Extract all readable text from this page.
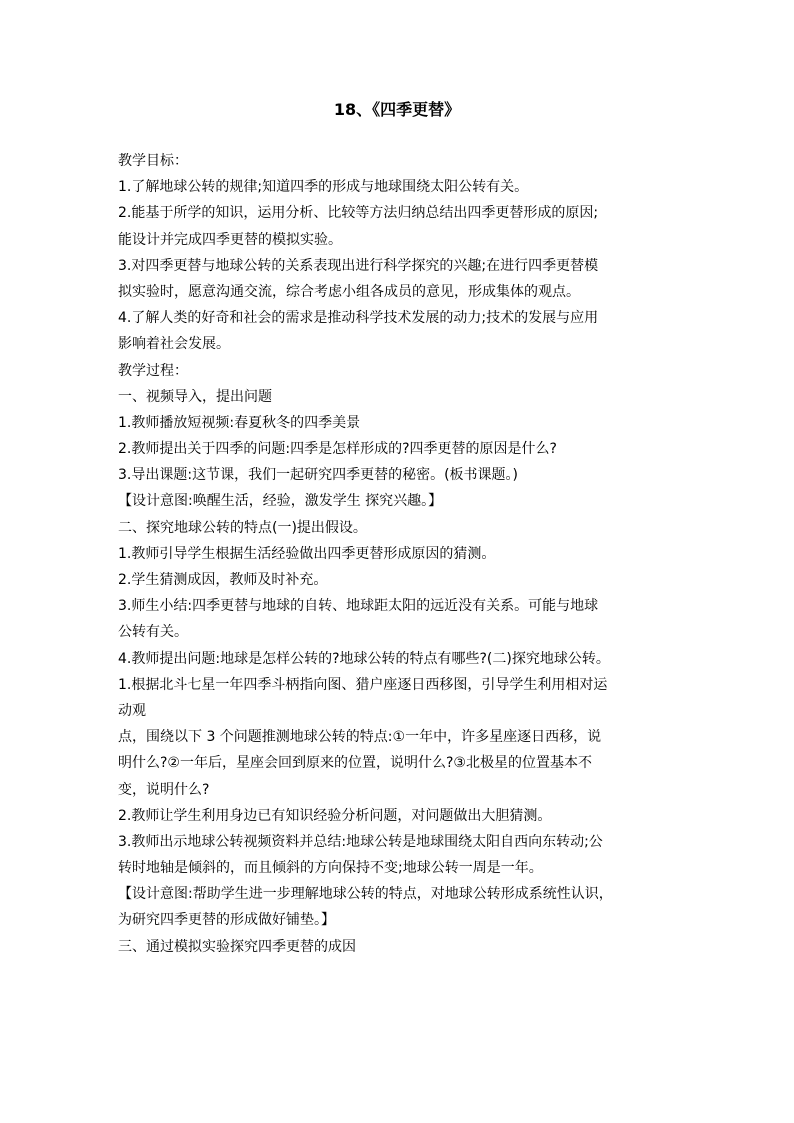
18、《四季更替》
教学目标：
1.了解地球公转的规律;知道四季的形成与地球围绕太阳公转有关。
2.能基于所学的知识，运用分析、比较等方法归纳总结出四季更替形成的原因;
能设计并完成四季更替的模拟实验。
3.对四季更替与地球公转的关系表现出进行科学探究的兴趣;在进行四季更替模
拟实验时，愿意沟通交流，综合考虑小组各成员的意见，形成集体的观点。
4.了解人类的好奇和社会的需求是推动科学技术发展的动力;技术的发展与应用
影响着社会发展。
教学过程：
一、视频导入，提出问题
1.教师播放短视频:春夏秋冬的四季美景
2.教师提出关于四季的问题:四季是怎样形成的?四季更替的原因是什么?
3.导出课题:这节课，我们一起研究四季更替的秘密。(板书课题。)
【设计意图:唤醒生活，经验，激发学生 探究兴趣。】
二、探究地球公转的特点(一)提出假设。
1.教师引导学生根据生活经验做出四季更替形成原因的猜测。
2.学生猜测成因，教师及时补充。
3.师生小结:四季更替与地球的自转、地球距太阳的远近没有关系。可能与地球
公转有关。
4.教师提出问题:地球是怎样公转的?地球公转的特点有哪些?(二)探究地球公转。
1.根据北斗七星一年四季斗柄指向图、猎户座逐日西移图，引导学生利用相对运
动观
点，围绕以下 3 个问题推测地球公转的特点:①一年中，许多星座逐日西移，说
明什么?②一年后，星座会回到原来的位置，说明什么?③北极星的位置基本不
变，说明什么?
2.教师让学生利用身边已有知识经验分析问题，对问题做出大胆猜测。
3.教师出示地球公转视频资料并总结:地球公转是地球围绕太阳自西向东转动;公
转时地轴是倾斜的，而且倾斜的方向保持不变;地球公转一周是一年。
【设计意图:帮助学生进一步理解地球公转的特点，对地球公转形成系统性认识，
为研究四季更替的形成做好铺垫。】
三、通过模拟实验探究四季更替的成因
